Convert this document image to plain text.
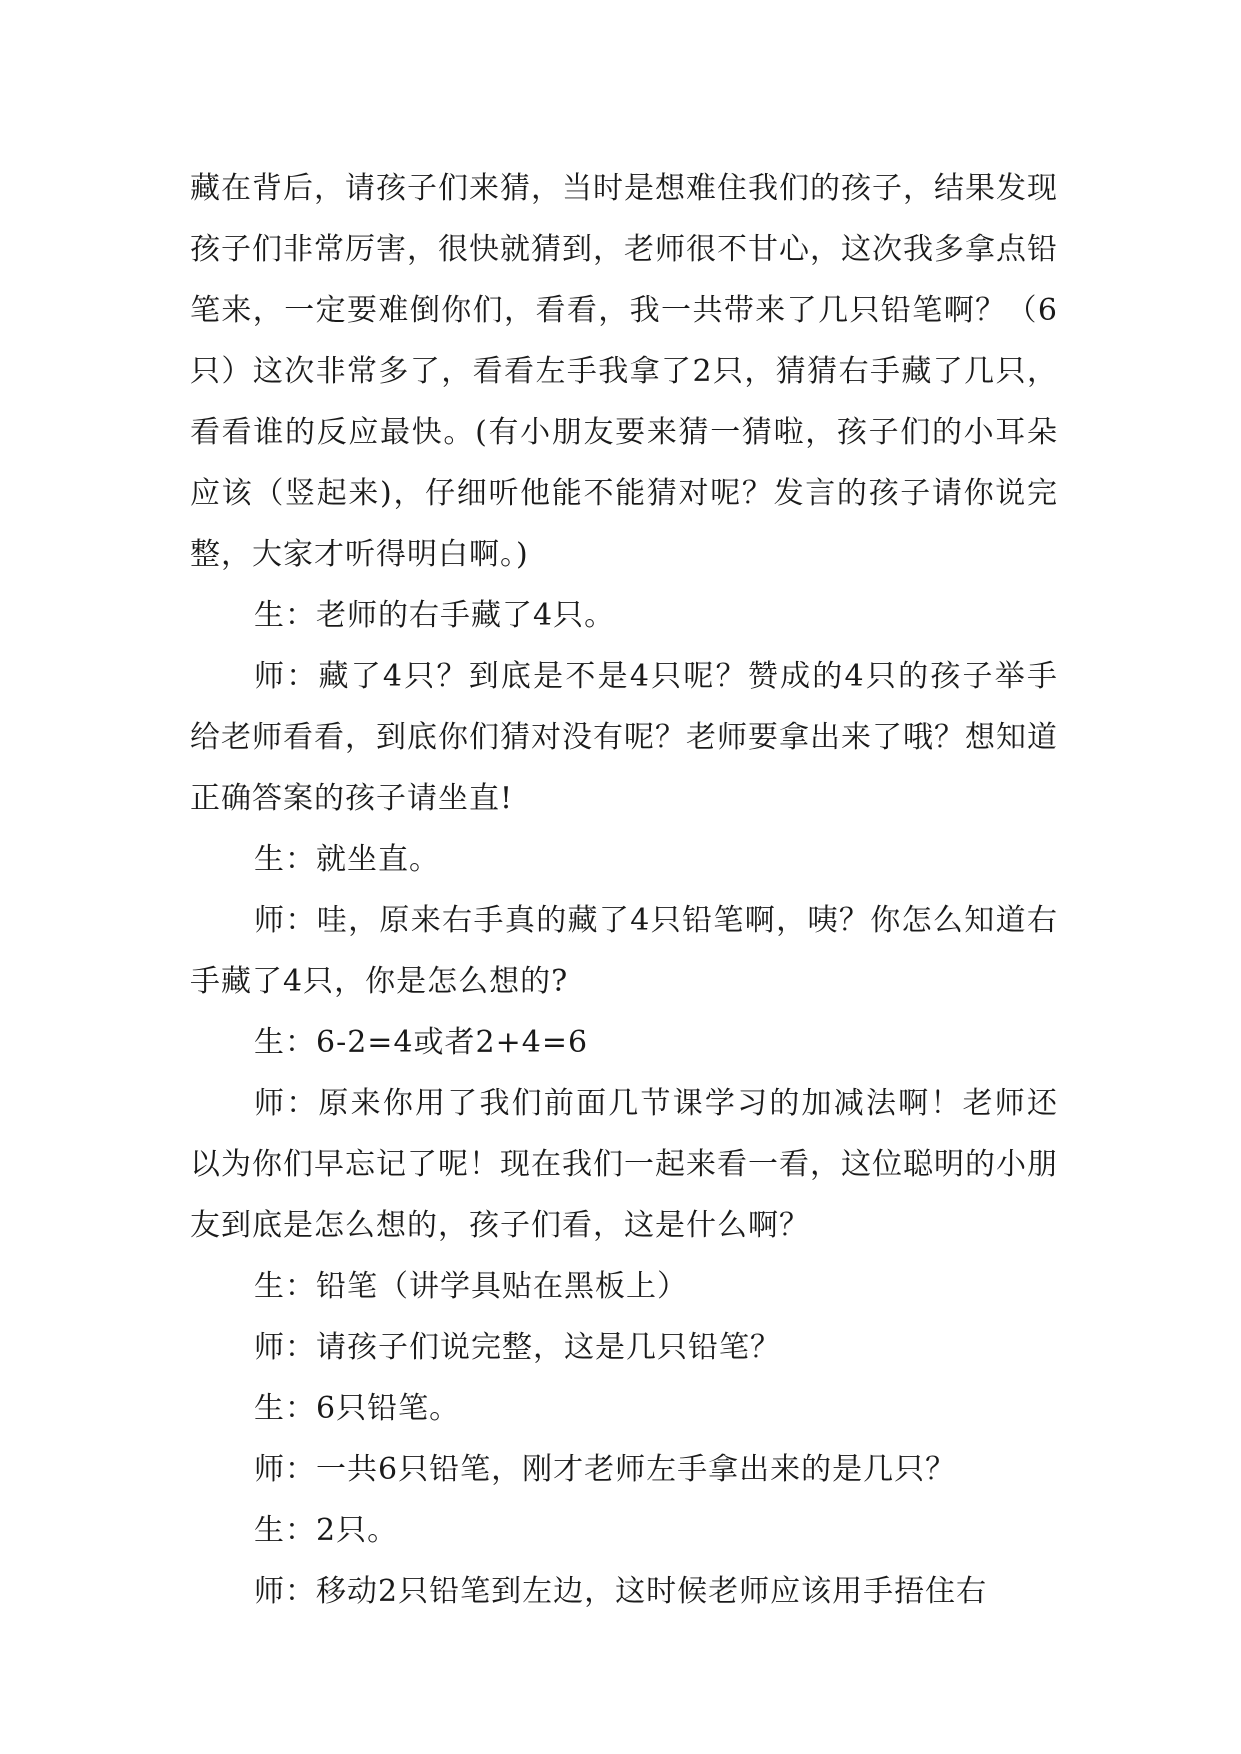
藏在背后，请孩子们来猜，当时是想难住我们的孩子，结果发现孩子们非常厉害，很快就猜到，老师很不甘心，这次我多拿点铅笔来，一定要难倒你们，看看，我一共带来了几只铅笔啊？（6只）这次非常多了，看看左手我拿了2只，猜猜右手藏了几只，看看谁的反应最快。(有小朋友要来猜一猜啦，孩子们的小耳朵应该（竖起来)，仔细听他能不能猜对呢？发言的孩子请你说完整，大家才听得明白啊。)

生：老师的右手藏了4只。

师：藏了4只？到底是不是4只呢？赞成的4只的孩子举手给老师看看，到底你们猜对没有呢？老师要拿出来了哦？想知道正确答案的孩子请坐直!

生：就坐直。

师：哇，原来右手真的藏了4只铅笔啊，咦？你怎么知道右手藏了4只，你是怎么想的?

生：6-2=4或者2+4=6

师：原来你用了我们前面几节课学习的加减法啊！老师还以为你们早忘记了呢！现在我们一起来看一看，这位聪明的小朋友到底是怎么想的，孩子们看，这是什么啊？

生：铅笔（讲学具贴在黑板上）

师：请孩子们说完整，这是几只铅笔？

生：6只铅笔。

师：一共6只铅笔，刚才老师左手拿出来的是几只？

生：2只。

师：移动2只铅笔到左边，这时候老师应该用手捂住右
